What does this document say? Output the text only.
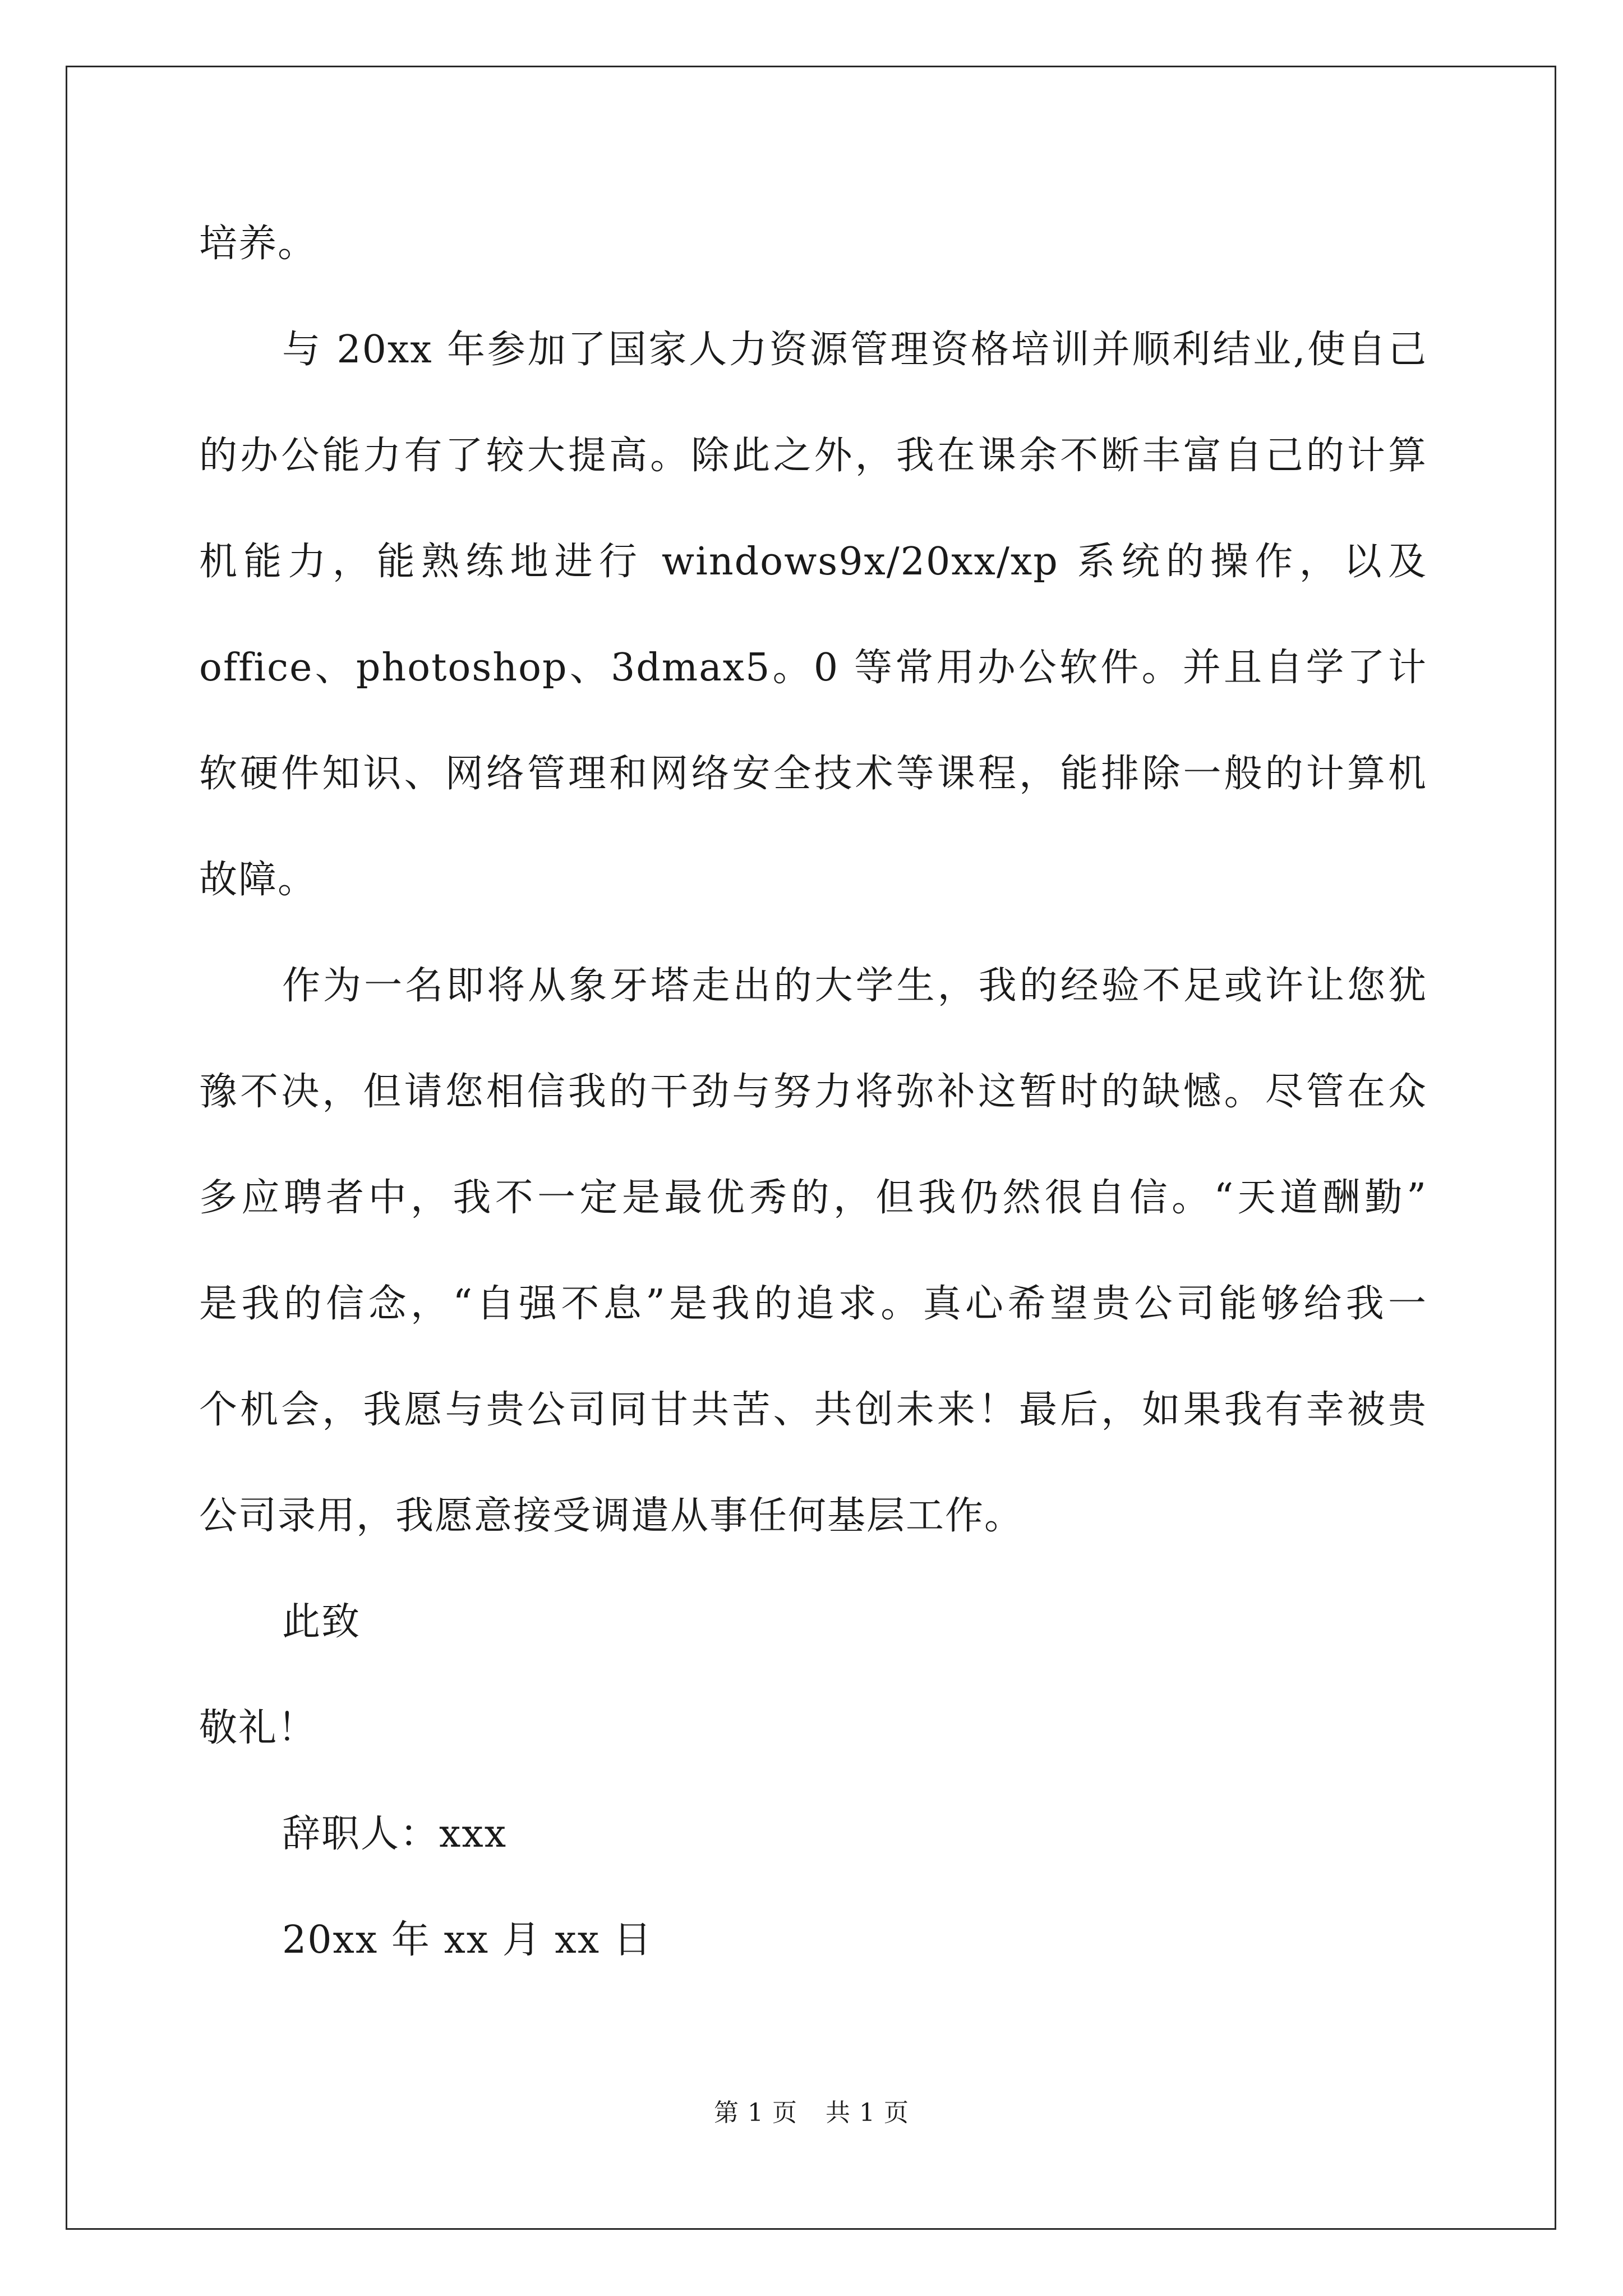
培养。
与 20xx 年参加了国家人力资源管理资格培训并顺利结业,使自己
的办公能力有了较大提高。除此之外，我在课余不断丰富自己的计算
机能力，能熟练地进行 windows9x/20xx/xp 系统的操作，以及
office、photoshop、3dmax5。0 等常用办公软件。并且自学了计
软硬件知识、网络管理和网络安全技术等课程，能排除一般的计算机
故障。
作为一名即将从象牙塔走出的大学生，我的经验不足或许让您犹
豫不决，但请您相信我的干劲与努力将弥补这暂时的缺憾。尽管在众
多应聘者中，我不一定是最优秀的，但我仍然很自信。“天道酬勤”
是我的信念，“自强不息”是我的追求。真心希望贵公司能够给我一
个机会，我愿与贵公司同甘共苦、共创未来！最后，如果我有幸被贵
公司录用，我愿意接受调遣从事任何基层工作。
此致
敬礼！
辞职人：xxx
20xx 年 xx 月 xx 日
第 1 页 共 1 页
